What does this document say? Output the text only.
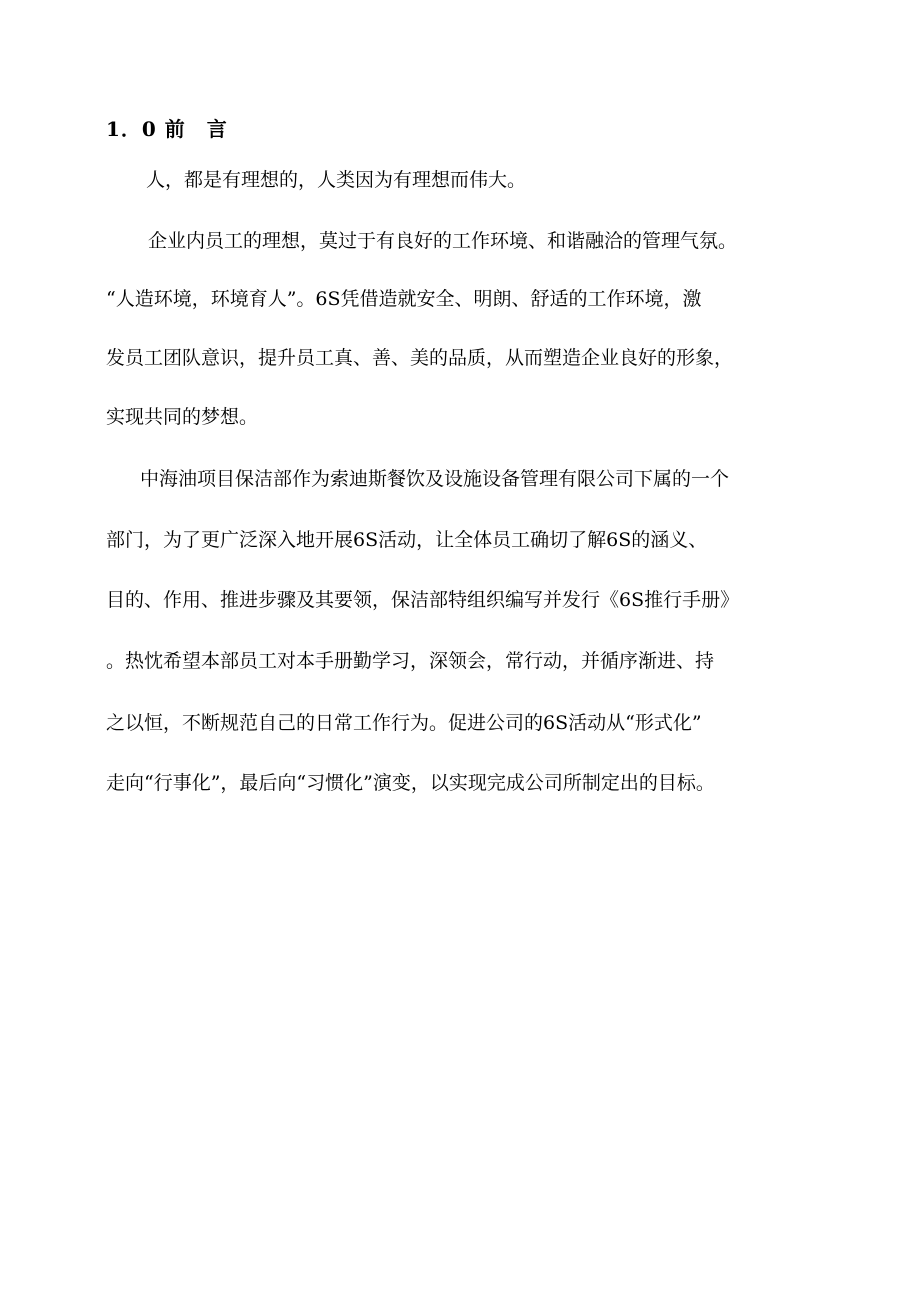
1．0 前　言
人，都是有理想的，人类因为有理想而伟大。
企业内员工的理想，莫过于有良好的工作环境、和谐融洽的管理气氛。
“人造环境，环境育人”。6S凭借造就安全、明朗、舒适的工作环境，激
发员工团队意识，提升员工真、善、美的品质，从而塑造企业良好的形象，
实现共同的梦想。
中海油项目保洁部作为索迪斯餐饮及设施设备管理有限公司下属的一个
部门，为了更广泛深入地开展6S活动，让全体员工确切了解6S的涵义、
目的、作用、推进步骤及其要领，保洁部特组织编写并发行《6S推行手册》
。热忱希望本部员工对本手册勤学习，深领会，常行动，并循序渐进、持
之以恒，不断规范自己的日常工作行为。促进公司的6S活动从“形式化”
走向“行事化”，最后向“习惯化”演变，以实现完成公司所制定出的目标。
